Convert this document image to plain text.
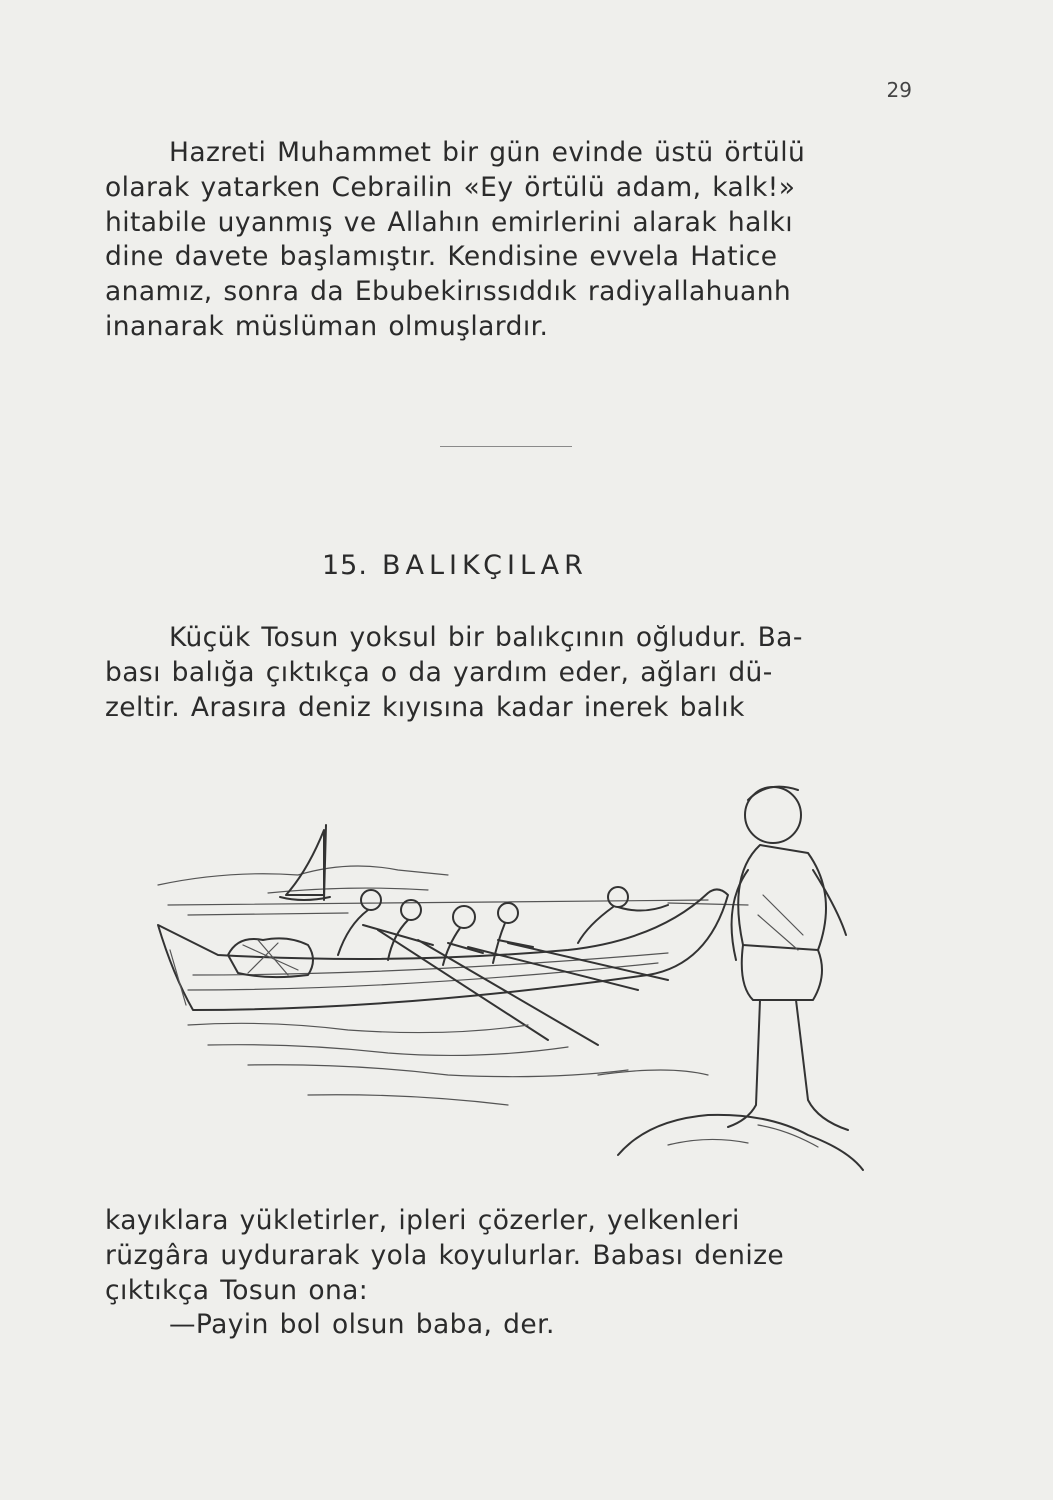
29

Hazreti Muhammet bir gün evinde üstü örtülü
olarak yatarken Cebrailin «Ey örtülü adam, kalk!»
hitabile uyanmış ve Allahın emirlerini alarak halkı
dine davete başlamıştır. Kendisine evvela Hatice
anamız, sonra da Ebubekirıssıddık radiyallahuanh
inanarak müslüman olmuşlardır.

15. BALIKÇILAR

Küçük Tosun yoksul bir balıkçının oğludur. Ba-
bası balığa çıktıkça o da yardım eder, ağları dü-
zeltir. Arasıra deniz kıyısına kadar inerek balık

kayıklara yükletirler, ipleri çözerler, yelkenleri
rüzgâra uydurarak yola koyulurlar. Babası denize
çıktıkça Tosun ona:
—Payin bol olsun baba, der.
